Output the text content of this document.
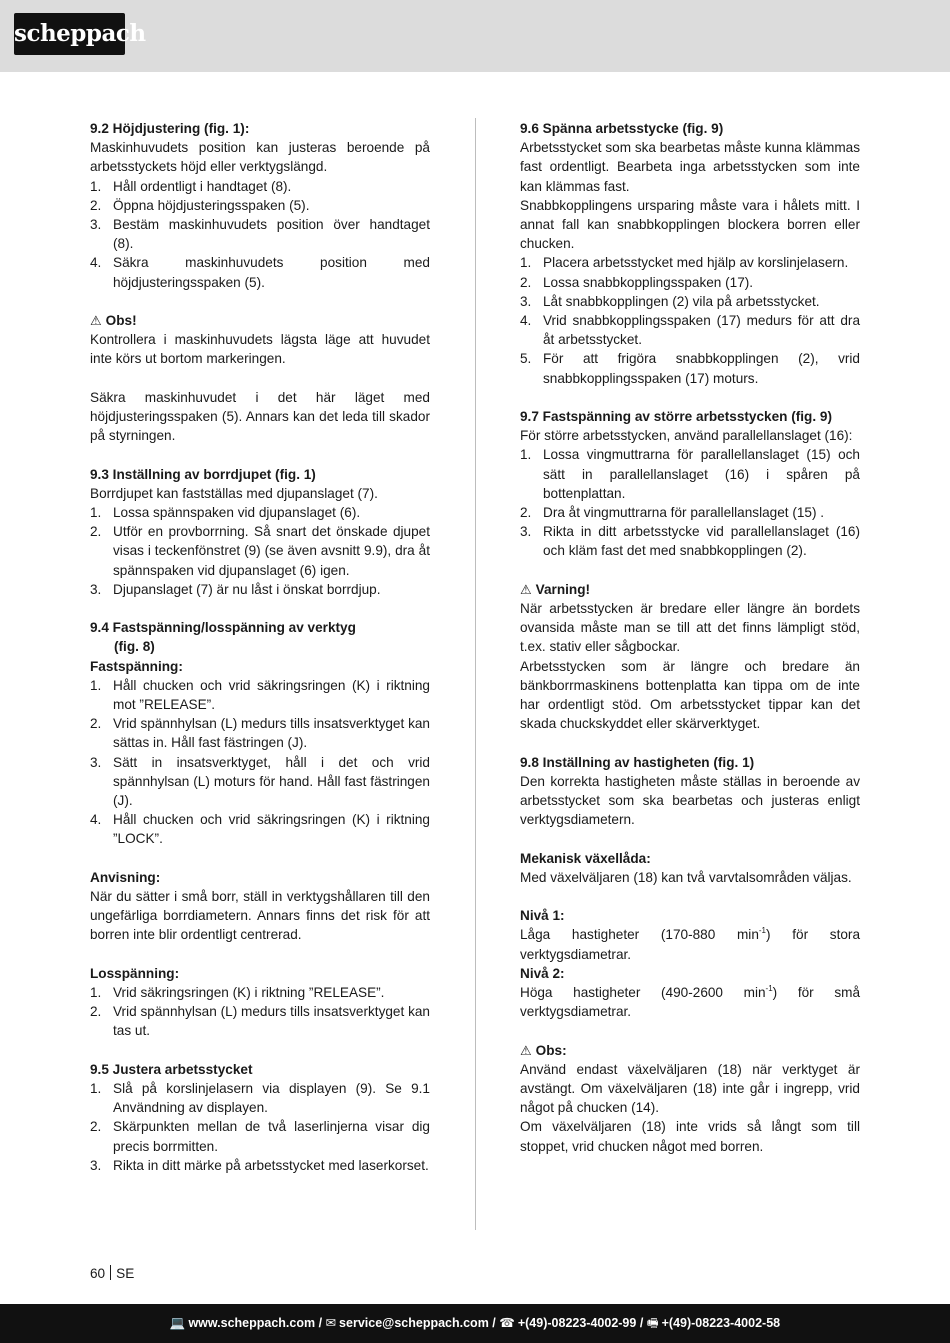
scheppach

9.2 Höjdjustering (fig. 1):

Maskinhuvudets position kan justeras beroende på arbetsstyckets höjd eller verktygslängd.

1. Håll ordentligt i handtaget (8).
2. Öppna höjdjusteringsspaken (5).
3. Bestäm maskinhuvudets position över handtaget (8).
4. Säkra maskinhuvudets position med höjdjusteringsspaken (5).

⚠ Obs!

Kontrollera i maskinhuvudets lägsta läge att huvudet inte körs ut bortom markeringen.

Säkra maskinhuvudet i det här läget med höjdjusteringsspaken (5). Annars kan det leda till skador på styrningen.

9.3 Inställning av borrdjupet (fig. 1)

Borrdjupet kan fastställas med djupanslaget (7).

1. Lossa spännspaken vid djupanslaget (6).
2. Utför en provborrning. Så snart det önskade djupet visas i teckenfönstret (9) (se även avsnitt 9.9), dra åt spännspaken vid djupanslaget (6) igen.
3. Djupanslaget (7) är nu låst i önskat borrdjup.

9.4 Fastspänning/losspänning av verktyg

(fig. 8)

Fastspänning:

1. Håll chucken och vrid säkringsringen (K) i riktning mot ”RELEASE”.
2. Vrid spännhylsan (L) medurs tills insatsverktyget kan sättas in. Håll fast fästringen (J).
3. Sätt in insatsverktyget, håll i det och vrid spännhylsan (L) moturs för hand. Håll fast fästringen (J).
4. Håll chucken och vrid säkringsringen (K) i riktning ”LOCK”.

Anvisning:

När du sätter i små borr, ställ in verktygshållaren till den ungefärliga borrdiametern. Annars finns det risk för att borren inte blir ordentligt centrerad.

Losspänning:

1. Vrid säkringsringen (K) i riktning ”RELEASE”.
2. Vrid spännhylsan (L) medurs tills insatsverktyget kan tas ut.

9.5 Justera arbetsstycket

1. Slå på korslinjelasern via displayen (9). Se 9.1 Användning av displayen.
2. Skärpunkten mellan de två laserlinjerna visar dig precis borrmitten.
3. Rikta in ditt märke på arbetsstycket med laserkorset.

9.6 Spänna arbetsstycke (fig. 9)

Arbetsstycket som ska bearbetas måste kunna klämmas fast ordentligt. Bearbeta inga arbetsstycken som inte kan klämmas fast.

Snabbkopplingens ursparing måste vara i hålets mitt. I annat fall kan snabbkopplingen blockera borren eller chucken.

1. Placera arbetsstycket med hjälp av korslinjelasern.
2. Lossa snabbkopplingsspaken (17).
3. Låt snabbkopplingen (2) vila på arbetsstycket.
4. Vrid snabbkopplingsspaken (17) medurs för att dra åt arbetsstycket.
5. För att frigöra snabbkopplingen (2), vrid snabbkopplingsspaken (17) moturs.

9.7 Fastspänning av större arbetsstycken (fig. 9)

För större arbetsstycken, använd parallellanslaget (16):

1. Lossa vingmuttrarna för parallellanslaget (15) och sätt in parallellanslaget (16) i spåren på bottenplattan.
2. Dra åt vingmuttrarna för parallellanslaget (15) .
3. Rikta in ditt arbetsstycke vid parallellanslaget (16) och kläm fast det med snabbkopplingen (2).

⚠ Varning!

När arbetsstycken är bredare eller längre än bordets ovansida måste man se till att det finns lämpligt stöd, t.ex. stativ eller sågbockar.

Arbetsstycken som är längre och bredare än bänkborrmaskinens bottenplatta kan tippa om de inte har ordentligt stöd. Om arbetsstycket tippar kan det skada chuckskyddet eller skärverktyget.

9.8 Inställning av hastigheten (fig. 1)

Den korrekta hastigheten måste ställas in beroende av arbetsstycket som ska bearbetas och justeras enligt verktygsdiametern.

Mekanisk växellåda:

Med växelväljaren (18) kan två varvtalsområden väljas.

Nivå 1:

Låga hastigheter (170-880 $\min^{-1}$) för stora verktygsdiametrar.

Nivå 2:

Höga hastigheter (490-2600 $\min^{-1}$) för små verktygsdiametrar.

⚠ Obs:

Använd endast växelväljaren (18) när verktyget är avstängt. Om växelväljaren (18) inte går i ingrepp, vrid något på chucken (14).

Om växelväljaren (18) inte vrids så långt som till stoppet, vrid chucken något med borren.

60 SE
💻 www.scheppach.com / ✉ service@scheppach.com / ☎ +(49)-08223-4002-99 / 🖷 +(49)-08223-4002-58
